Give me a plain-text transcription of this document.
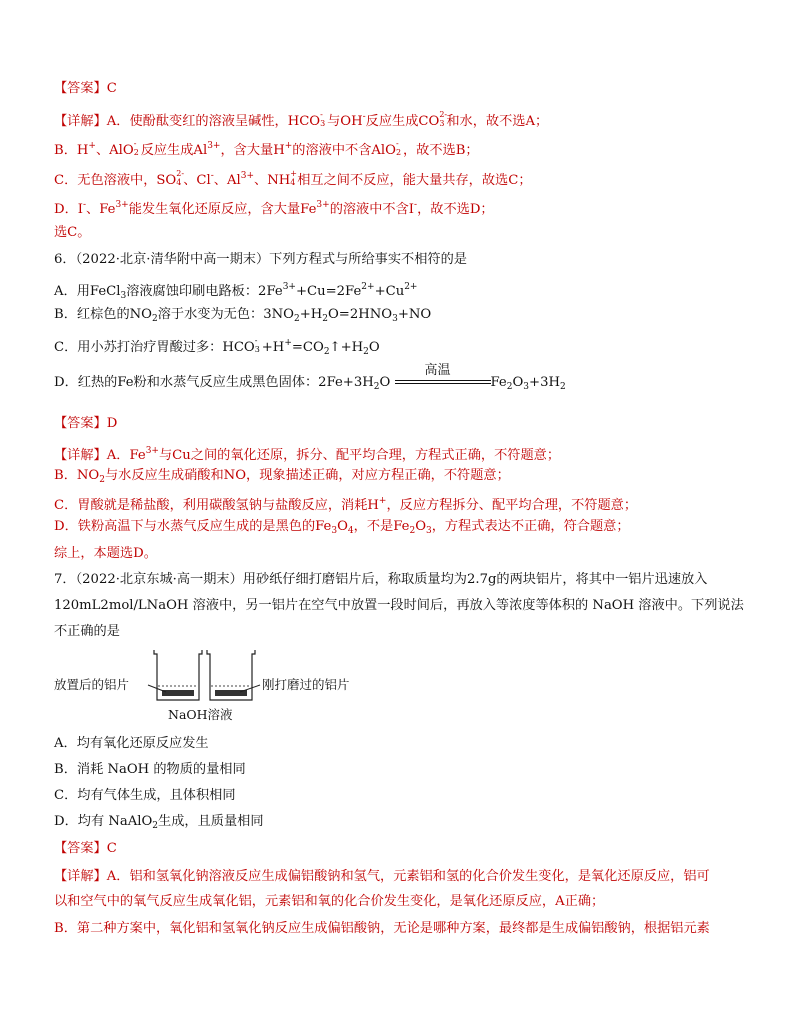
【答案】C
【详解】A．使酚酞变红的溶液呈碱性，HCO -
3 与OH-反应生成CO 2-
3 和水，故不选A；
B．H+、AlO -
2 反应生成$Al^{3+}$，含大量H+的溶液中不含AlO -
2 ，故不选B；
C．无色溶液中，SO 2-
4 、Cl-、$Al^{3+}$、NH +
4 相互之间不反应，能大量共存，故选C；
D．I-、$Fe^{3+}$能发生氧化还原反应，含大量$Fe^{3+}$的溶液中不含I-，故不选D；
选C。
6．（2022·北京·清华附中高一期末）下列方程式与所给事实不相符的是
A．用FeCl$_3$溶液腐蚀印刷电路板：$2Fe^{3+}+Cu=2Fe^{2+}+Cu^{2+}$
B．红棕色的$NO_2$溶于水变为无色：$3NO_2+H_2O=2HNO_3+NO$
C．用小苏打治疗胃酸过多：HCO -
$3 +H^+=CO_2↑+H_2O$
D．红热的Fe粉和水蒸气反应生成黑色固体：$2Fe+3H_2O$
高温
$Fe_2O_3+3H_2$
【答案】D
【详解】A．$Fe^{3+}$与Cu之间的氧化还原，拆分、配平均合理，方程式正确，不符题意；
B．$NO_2$与水反应生成硝酸和NO，现象描述正确，对应方程正确，不符题意；
C．胃酸就是稀盐酸，利用碳酸氢钠与盐酸反应，消耗H+，反应方程拆分、配平均合理，不符题意；
D．铁粉高温下与水蒸气反应生成的是黑色的$Fe_3O_4$，不是$Fe_2O_3$，方程式表达不正确，符合题意；
综上，本题选D。
7．（2022·北京东城·高一期末）用砂纸仔细打磨铝片后，称取质量均为2.7g的两块铝片，将其中一铝片迅速放入
120mL2mol/LNaOH 溶液中，另一铝片在空气中放置一段时间后，再放入等浓度等体积的 NaOH 溶液中。下列说法
不正确的是
放置后的铝片	刚打磨过的铝片
NaOH溶液
A．均有氧化还原反应发生
B．消耗 NaOH 的物质的量相同
C．均有气体生成，且体积相同
D．均有 NaAlO$_2$生成，且质量相同
【答案】C
【详解】A．铝和氢氧化钠溶液反应生成偏铝酸钠和氢气，元素铝和氢的化合价发生变化，是氧化还原反应，铝可
以和空气中的氧气反应生成氧化铝，元素铝和氧的化合价发生变化，是氧化还原反应，A正确；
B．第二种方案中，氧化铝和氢氧化钠反应生成偏铝酸钠，无论是哪种方案，最终都是生成偏铝酸钠，根据铝元素
